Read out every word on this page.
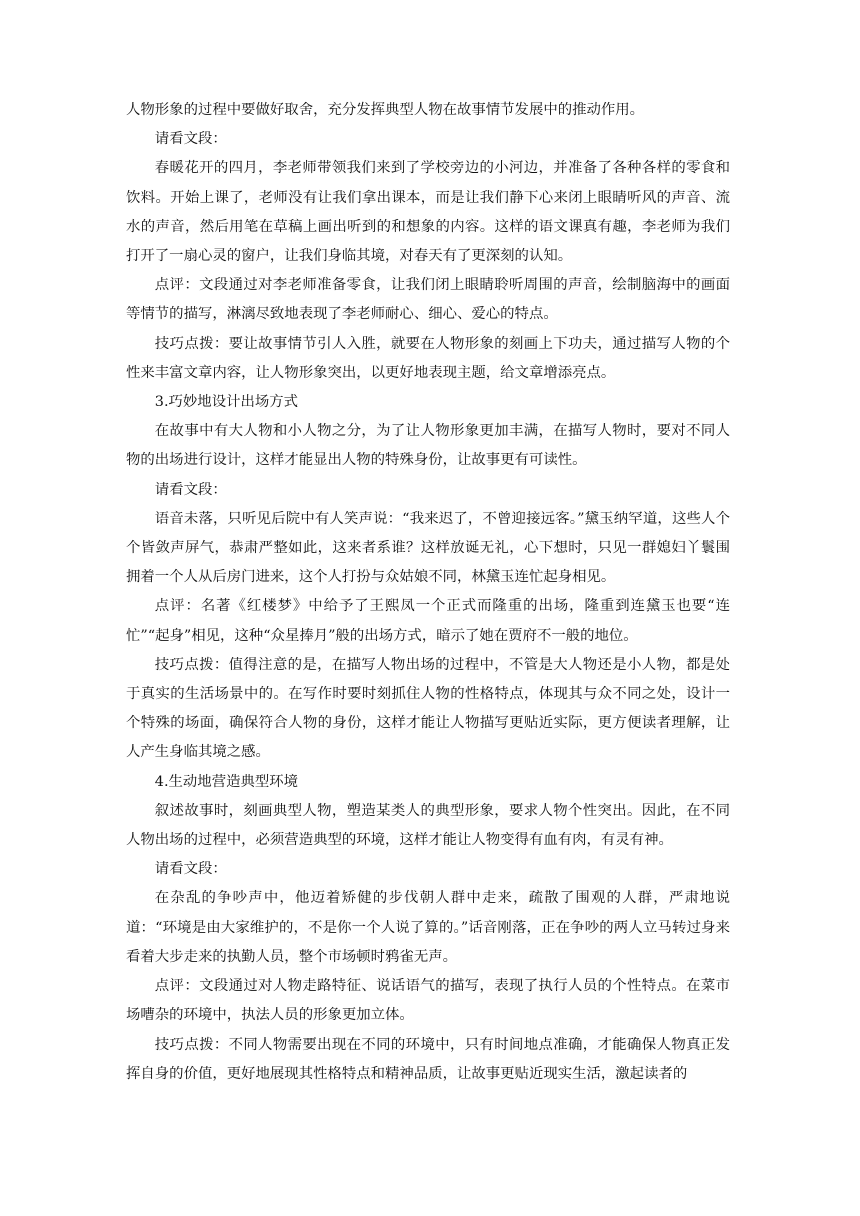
人物形象的过程中要做好取舍，充分发挥典型人物在故事情节发展中的推动作用。

请看文段：

春暖花开的四月，李老师带领我们来到了学校旁边的小河边，并准备了各种各样的零食和饮料。开始上课了，老师没有让我们拿出课本，而是让我们静下心来闭上眼睛听风的声音、流水的声音，然后用笔在草稿上画出听到的和想象的内容。这样的语文课真有趣，李老师为我们打开了一扇心灵的窗户，让我们身临其境，对春天有了更深刻的认知。

点评：文段通过对李老师准备零食，让我们闭上眼睛聆听周围的声音，绘制脑海中的画面等情节的描写，淋漓尽致地表现了李老师耐心、细心、爱心的特点。

技巧点拨：要让故事情节引人入胜，就要在人物形象的刻画上下功夫，通过描写人物的个性来丰富文章内容，让人物形象突出，以更好地表现主题，给文章增添亮点。

3.巧妙地设计出场方式

在故事中有大人物和小人物之分，为了让人物形象更加丰满，在描写人物时，要对不同人物的出场进行设计，这样才能显出人物的特殊身份，让故事更有可读性。

请看文段：

语音未落，只听见后院中有人笑声说：“我来迟了，不曾迎接远客。”黛玉纳罕道，这些人个个皆敛声屏气，恭肃严整如此，这来者系谁？这样放诞无礼，心下想时，只见一群媳妇丫鬟围拥着一个人从后房门进来，这个人打扮与众姑娘不同，林黛玉连忙起身相见。

点评：名著《红楼梦》中给予了王熙凤一个正式而隆重的出场，隆重到连黛玉也要“连忙”“起身”相见，这种“众星捧月”般的出场方式，暗示了她在贾府不一般的地位。

技巧点拨：值得注意的是，在描写人物出场的过程中，不管是大人物还是小人物，都是处于真实的生活场景中的。在写作时要时刻抓住人物的性格特点，体现其与众不同之处，设计一个特殊的场面，确保符合人物的身份，这样才能让人物描写更贴近实际，更方便读者理解，让人产生身临其境之感。

4.生动地营造典型环境

叙述故事时，刻画典型人物，塑造某类人的典型形象，要求人物个性突出。因此，在不同人物出场的过程中，必须营造典型的环境，这样才能让人物变得有血有肉，有灵有神。

请看文段：

在杂乱的争吵声中，他迈着矫健的步伐朝人群中走来，疏散了围观的人群，严肃地说道：“环境是由大家维护的，不是你一个人说了算的。”话音刚落，正在争吵的两人立马转过身来看着大步走来的执勤人员，整个市场顿时鸦雀无声。

点评：文段通过对人物走路特征、说话语气的描写，表现了执行人员的个性特点。在菜市场嘈杂的环境中，执法人员的形象更加立体。

技巧点拨：不同人物需要出现在不同的环境中，只有时间地点准确，才能确保人物真正发挥自身的价值，更好地展现其性格特点和精神品质，让故事更贴近现实生活，激起读者的
